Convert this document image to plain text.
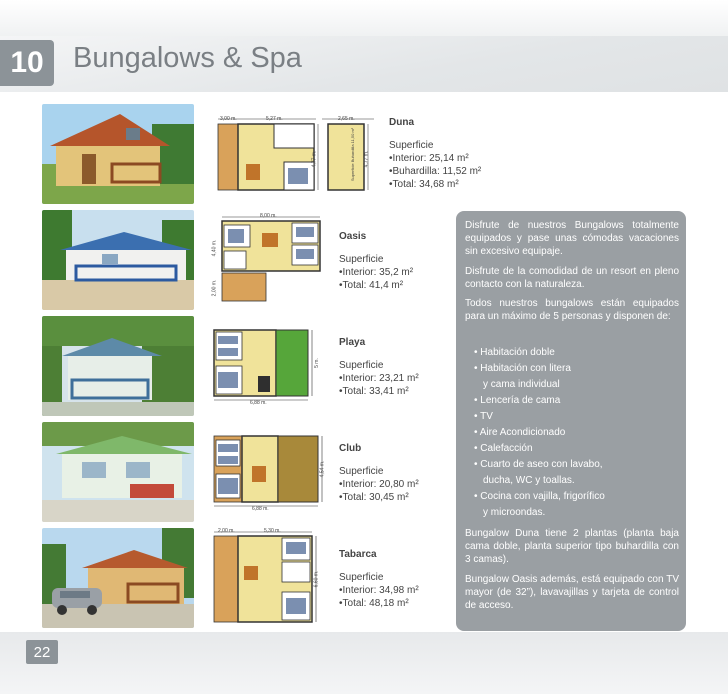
10	Bungalows & Spa
3,00 m.	5,27 m.	2,65 m.
4,77 m.	4,77 m.
Superficie Buhardilla 11,50 m²
Duna
Superficie
•Interior: 25,14 m²
•Buhardilla: 11,52 m²
•Total: 34,68 m²
8,00 m.
4,40 m.
2,00 m.
Oasis
Superficie
•Interior: 35,2 m²
•Total: 41,4 m²
5 m.
6,88 m.
Playa
Superficie
•Interior: 23,21 m²
•Total: 33,41 m²
4,54 m.
6,88 m.
Club
Superficie
•Interior: 20,80 m²
•Total: 30,45 m²
2,00 m.	5,30 m.
6,60 m.
Tabarca
Superficie
•Interior: 34,98 m²
•Total: 48,18 m²

Disfrute de nuestros Bungalows totalmente equipados y pase unas cómodas vacaciones sin excesivo equipaje.

Disfrute de la comodidad de un resort en pleno contacto con la naturaleza.

Todos nuestros bungalows están equipados para un máximo de 5 personas y disponen de:

• Habitación doble
• Habitación con litera
y cama individual
• Lencería de cama
• TV
• Aire Acondicionado
• Calefacción
• Cuarto de aseo con lavabo,
ducha, WC y toallas.
• Cocina con vajilla, frigorífico
y microondas.

Bungalow Duna tiene 2 plantas (planta baja cama doble, planta superior tipo buhardilla con 3 camas).

Bungalow Oasis además, está equipado con TV mayor (de 32”), lavavajillas y tarjeta de control de acceso.

22
